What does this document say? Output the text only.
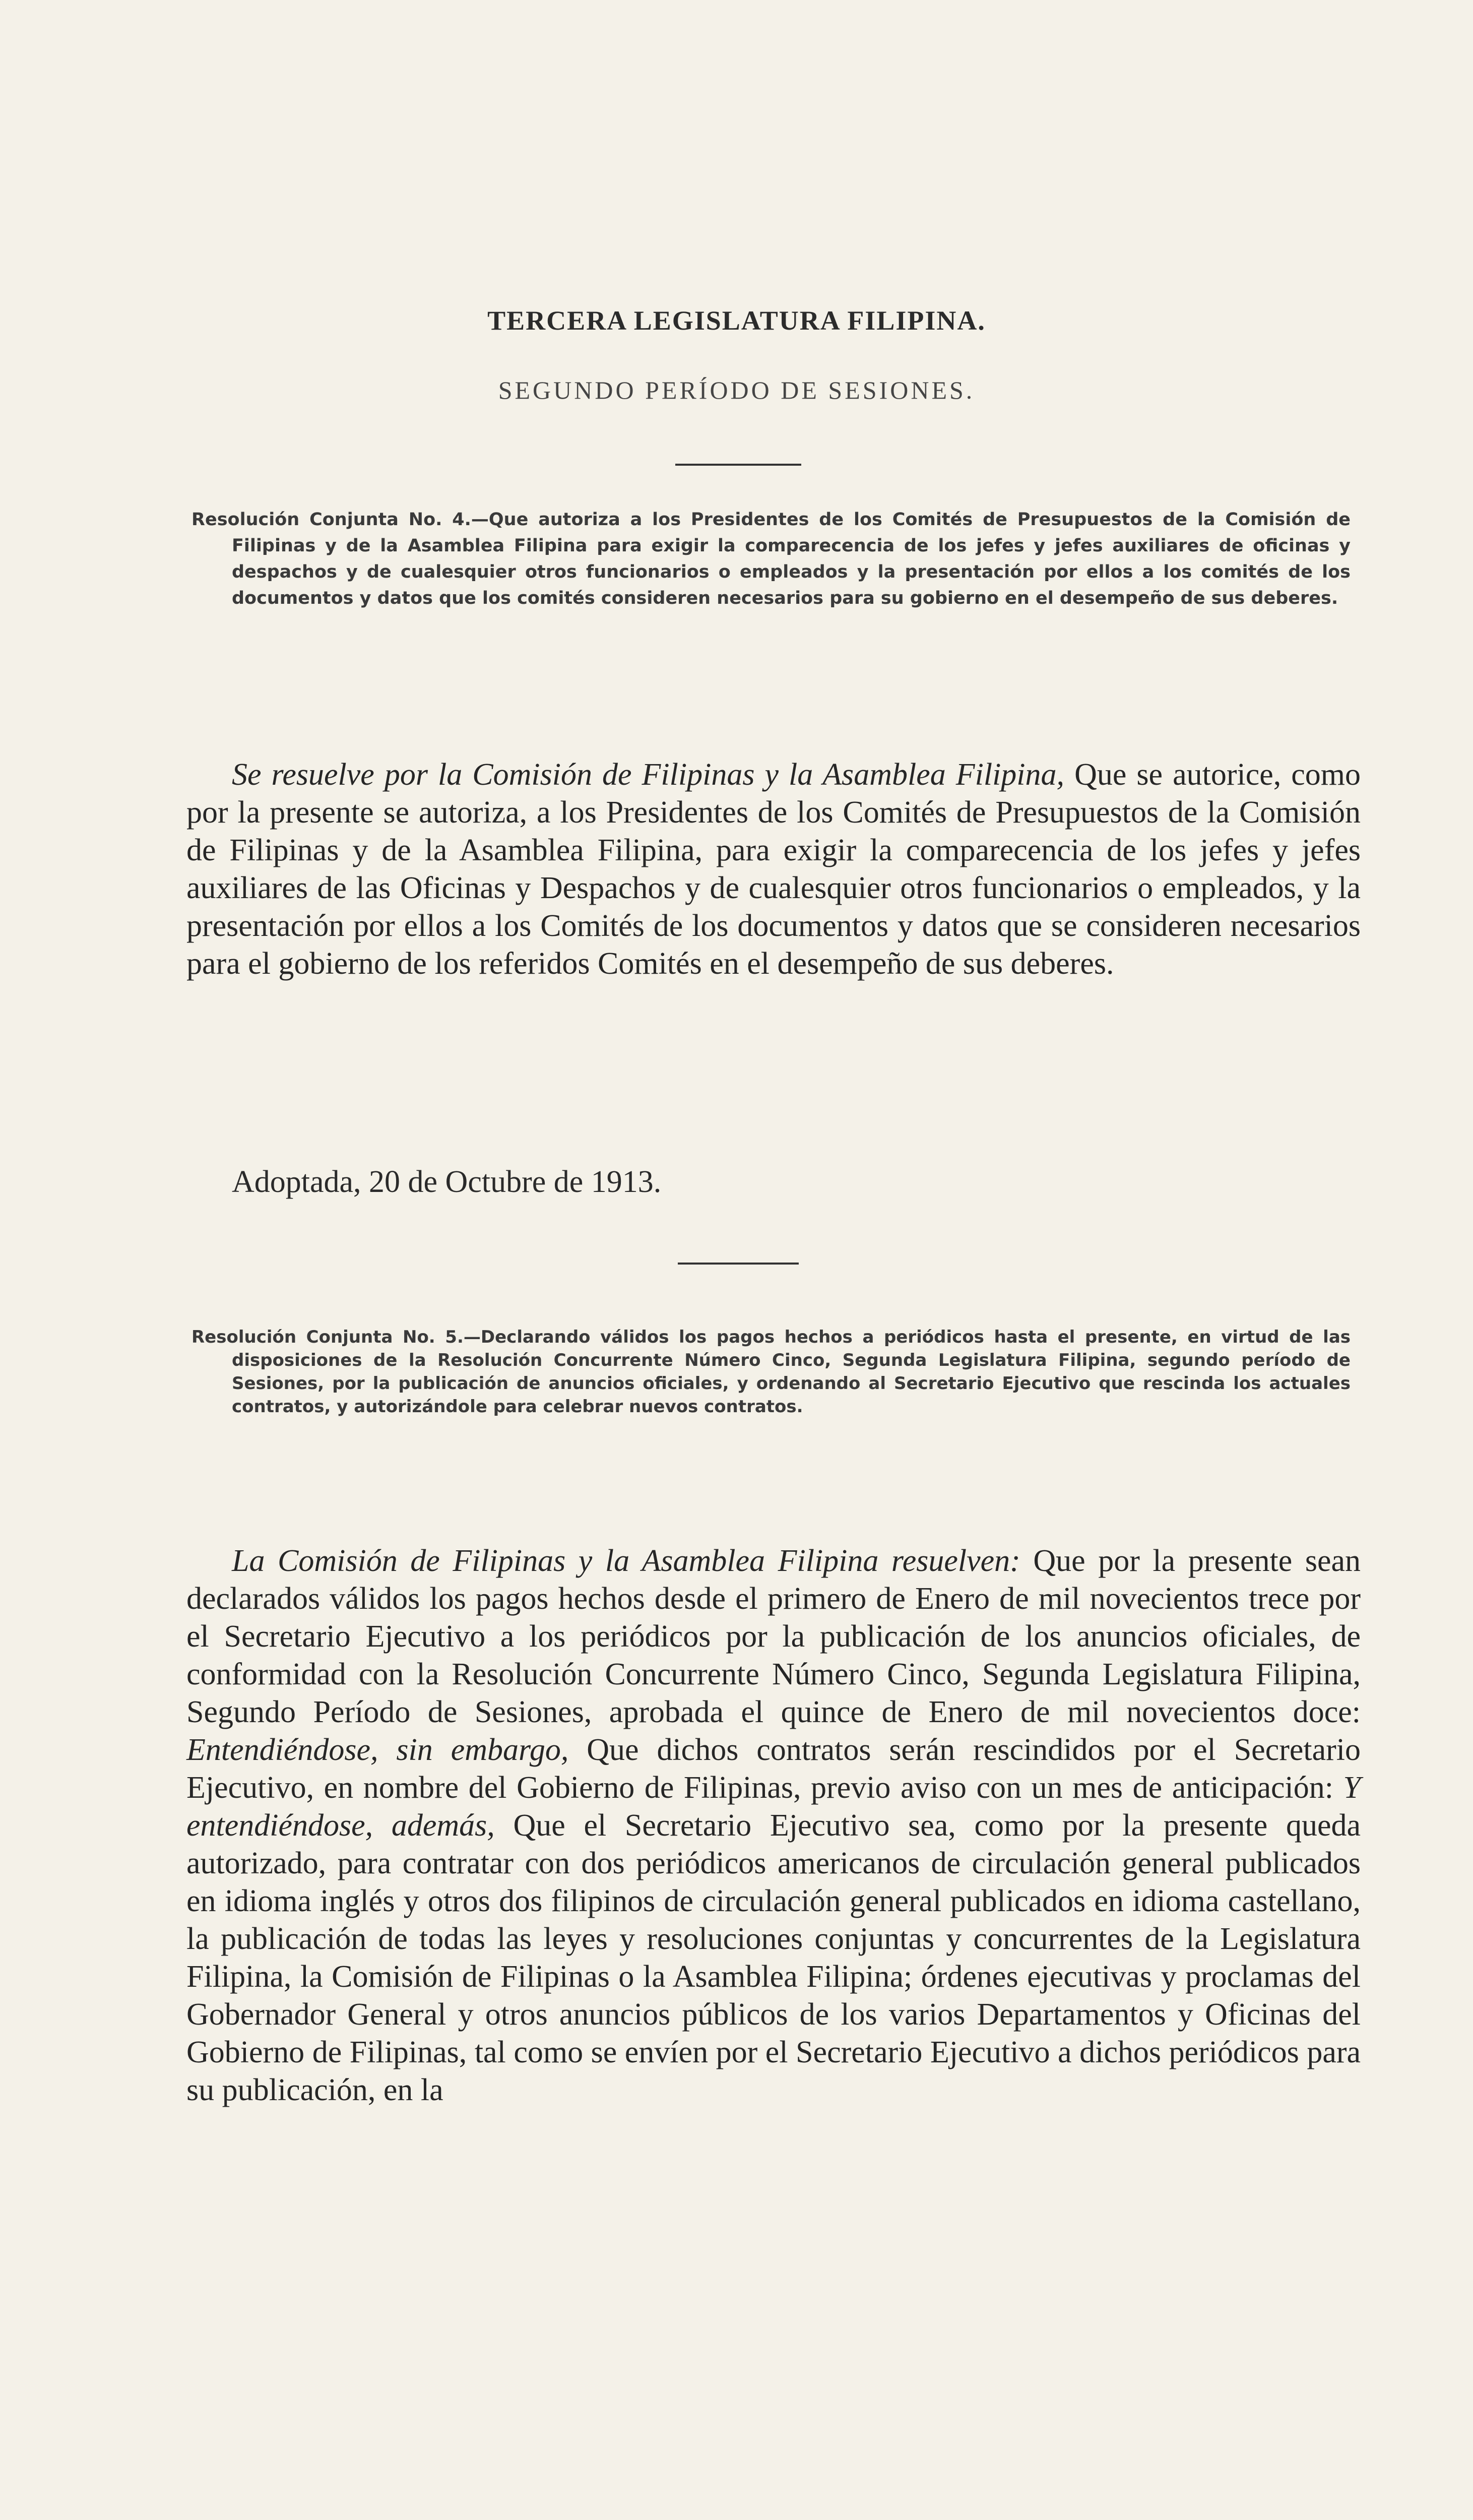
TERCERA LEGISLATURA FILIPINA.
SEGUNDO PERÍODO DE SESIONES.
Resolución Conjunta No. 4.—Que autoriza a los Presidentes de los Comités de Presupuestos de la Comisión de Filipinas y de la Asamblea Filipina para exigir la comparecencia de los jefes y jefes auxiliares de oficinas y despachos y de cualesquier otros funcionarios o empleados y la presentación por ellos a los comités de los documentos y datos que los comités consideren necesarios para su gobierno en el desempeño de sus deberes.

Se resuelve por la Comisión de Filipinas y la Asamblea Filipina, Que se autorice, como por la presente se autoriza, a los Presidentes de los Comités de Presupuestos de la Comisión de Filipinas y de la Asamblea Filipina, para exigir la comparecencia de los jefes y jefes auxiliares de las Oficinas y Despachos y de cualesquier otros funcionarios o empleados, y la presentación por ellos a los Comités de los documentos y datos que se consideren necesarios para el gobierno de los referidos Comités en el desempeño de sus deberes.

Adoptada, 20 de Octubre de 1913.
Resolución Conjunta No. 5.—Declarando válidos los pagos hechos a periódicos hasta el presente, en virtud de las disposiciones de la Resolución Concurrente Número Cinco, Segunda Legislatura Filipina, segundo período de Sesiones, por la publicación de anuncios oficiales, y ordenando al Secretario Ejecutivo que rescinda los actuales contratos, y autorizándole para celebrar nuevos contratos.

La Comisión de Filipinas y la Asamblea Filipina resuelven: Que por la presente sean declarados válidos los pagos hechos desde el primero de Enero de mil novecientos trece por el Secretario Ejecutivo a los periódicos por la publicación de los anuncios oficiales, de conformidad con la Resolución Concurrente Número Cinco, Segunda Legislatura Filipina, Segundo Período de Sesiones, aprobada el quince de Enero de mil novecientos doce: Entendiéndose, sin embargo, Que dichos contratos serán rescindidos por el Secretario Ejecutivo, en nombre del Gobierno de Filipinas, previo aviso con un mes de anticipación: Y entendiéndose, además, Que el Secretario Ejecutivo sea, como por la presente queda autorizado, para contratar con dos periódicos americanos de circulación general publicados en idioma inglés y otros dos filipinos de circulación general publicados en idioma castellano, la publicación de todas las leyes y resoluciones conjuntas y concurrentes de la Legislatura Filipina, la Comisión de Filipinas o la Asamblea Filipina; órdenes ejecutivas y proclamas del Gobernador General y otros anuncios públicos de los varios Departamentos y Oficinas del Gobierno de Filipinas, tal como se envíen por el Secretario Ejecutivo a dichos periódicos para su publicación, en la
